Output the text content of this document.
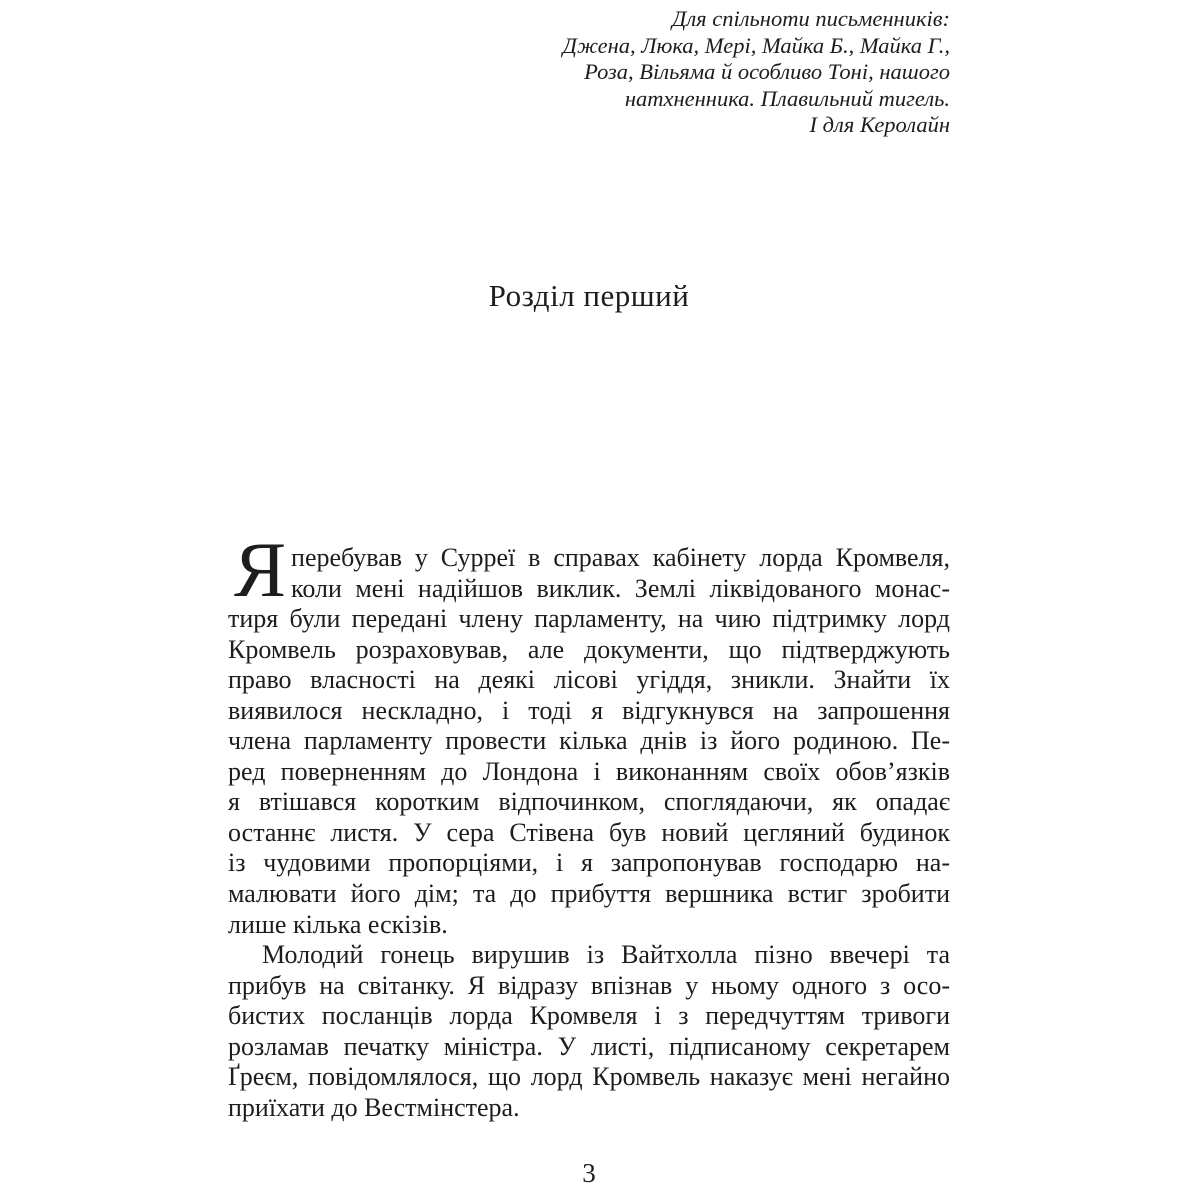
Для спільноти письменників:
Джена, Люка, Мері, Майка Б., Майка Г.,
Роза, Вільяма й особливо Тоні, нашого
натхненника. Плавильний тигель.
І для Керолайн
Розділ перший
Я перебував у Сурреї в справах кабінету лорда Кромвеля,
коли мені надійшов виклик. Землі ліквідованого монас-
тиря були передані члену парламенту, на чию підтримку лорд
Кромвель розраховував, але документи, що підтверджують
право власності на деякі лісові угіддя, зникли. Знайти їх
виявилося нескладно, і тоді я відгукнувся на запрошення
члена парламенту провести кілька днів із його родиною. Пе-
ред поверненням до Лондона і виконанням своїх обов’язків
я втішався коротким відпочинком, споглядаючи, як опадає
останнє листя. У сера Стівена був новий цегляний будинок
із чудовими пропорціями, і я запропонував господарю на-
малювати його дім; та до прибуття вершника встиг зробити
лише кілька ескізів.
Молодий гонець вирушив із Вайтхолла пізно ввечері та
прибув на світанку. Я відразу впізнав у ньому одного з осо-
бистих посланців лорда Кромвеля і з передчуттям тривоги
розламав печатку міністра. У листі, підписаному секретарем
Ґреєм, повідомлялося, що лорд Кромвель наказує мені негайно
приїхати до Вестмінстера.
3
